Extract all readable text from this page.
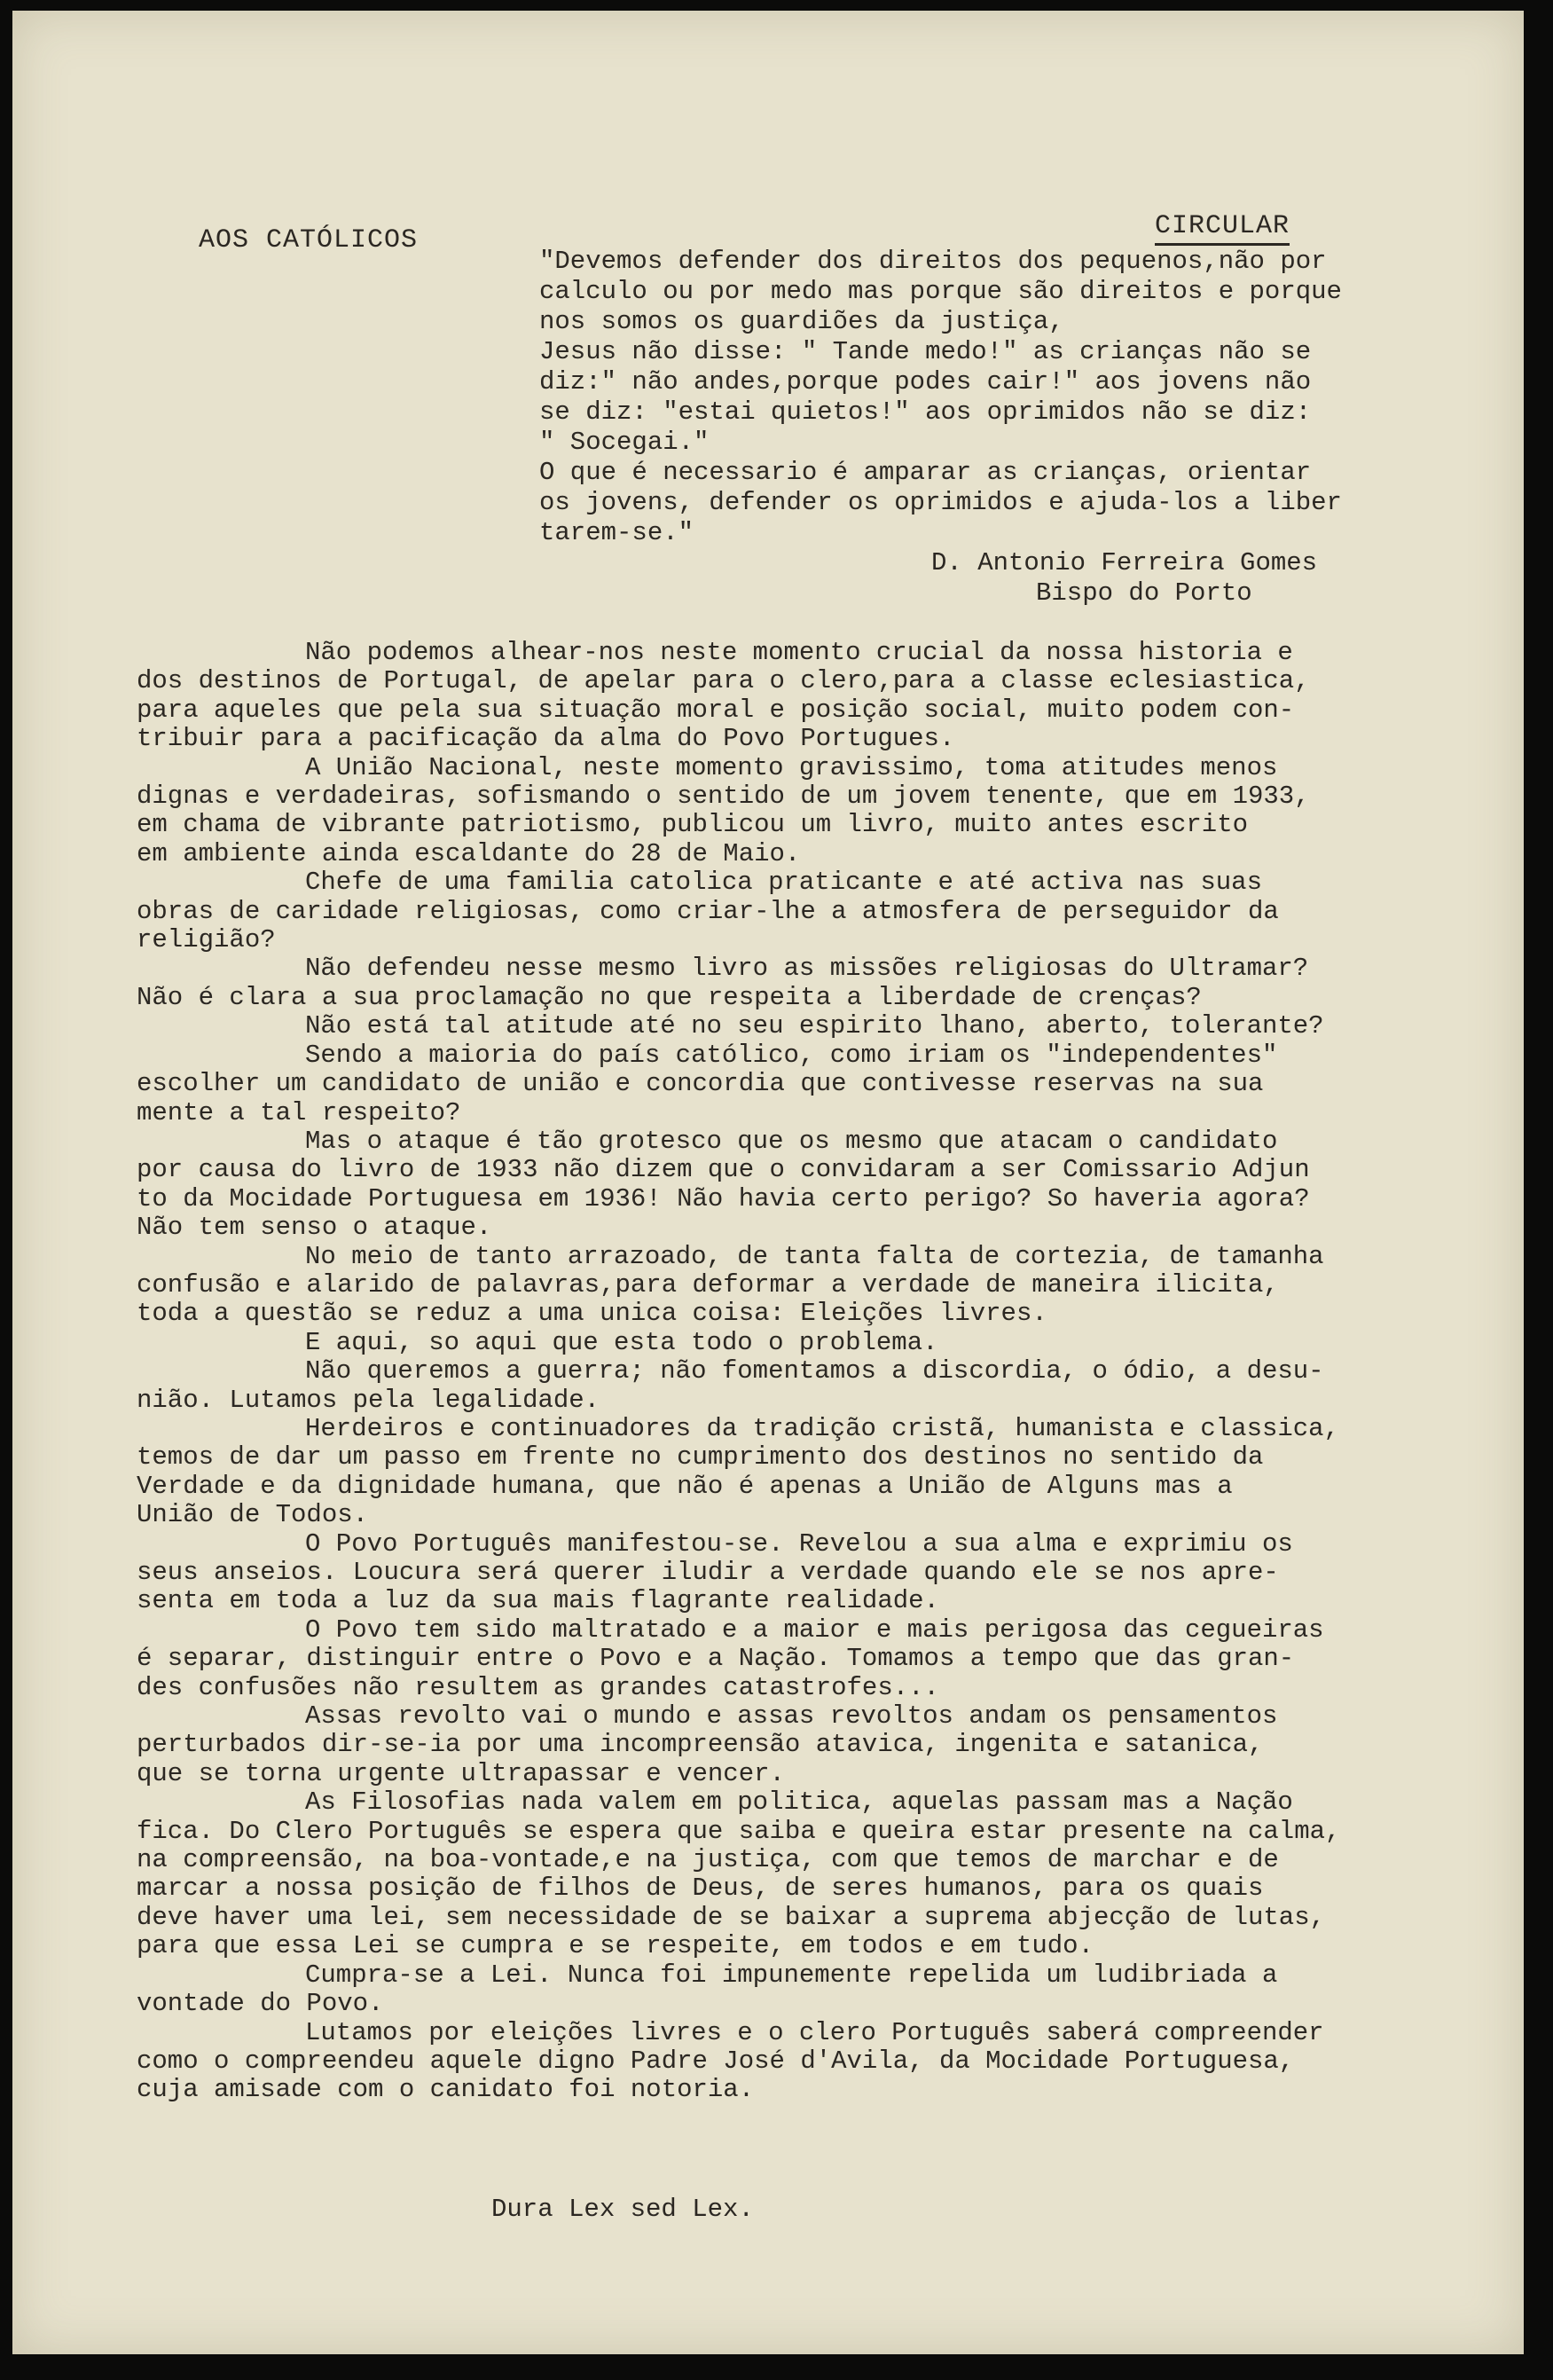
AOS CATÓLICOS	CIRCULAR

"Devemos defender dos direitos dos pequenos,não por

calculo ou por medo mas porque são direitos e porque

nos somos os guardiões da justiça,

Jesus não disse: " Tande medo!" as crianças não se

diz:" não andes,porque podes cair!" aos jovens não

se diz: "estai quietos!" aos oprimidos não se diz:

" Socegai."

O que é necessario é amparar as crianças, orientar

os jovens, defender os oprimidos e ajuda-los a liber

tarem-se."

D. Antonio Ferreira Gomes
Bispo do Porto

Não podemos alhear-nos neste momento crucial da nossa historia e

dos destinos de Portugal, de apelar para o clero,para a classe eclesiastica,

para aqueles que pela sua situação moral e posição social, muito podem con-

tribuir para a pacificação da alma do Povo Portugues.

A União Nacional, neste momento gravissimo, toma atitudes menos

dignas e verdadeiras, sofismando o sentido de um jovem tenente, que em 1933,

em chama de vibrante patriotismo, publicou um livro, muito antes escrito

em ambiente ainda escaldante do 28 de Maio.

Chefe de uma familia catolica praticante e até activa nas suas

obras de caridade religiosas, como criar-lhe a atmosfera de perseguidor da

religião?

Não defendeu nesse mesmo livro as missões religiosas do Ultramar?

Não é clara a sua proclamação no que respeita a liberdade de crenças?

Não está tal atitude até no seu espirito lhano, aberto, tolerante?

Sendo a maioria do país católico, como iriam os "independentes"

escolher um candidato de união e concordia que contivesse reservas na sua

mente a tal respeito?

Mas o ataque é tão grotesco que os mesmo que atacam o candidato

por causa do livro de 1933 não dizem que o convidaram a ser Comissario Adjun

to da Mocidade Portuguesa em 1936! Não havia certo perigo? So haveria agora?

Não tem senso o ataque.

No meio de tanto arrazoado, de tanta falta de cortezia, de tamanha

confusão e alarido de palavras,para deformar a verdade de maneira ilicita,

toda a questão se reduz a uma unica coisa: Eleições livres.

E aqui, so aqui que esta todo o problema.

Não queremos a guerra; não fomentamos a discordia, o ódio, a desu-

nião. Lutamos pela legalidade.

Herdeiros e continuadores da tradição cristã, humanista e classica,

temos de dar um passo em frente no cumprimento dos destinos no sentido da

Verdade e da dignidade humana, que não é apenas a União de Alguns mas a

União de Todos.

O Povo Português manifestou-se. Revelou a sua alma e exprimiu os

seus anseios. Loucura será querer iludir a verdade quando ele se nos apre-

senta em toda a luz da sua mais flagrante realidade.

O Povo tem sido maltratado e a maior e mais perigosa das cegueiras

é separar, distinguir entre o Povo e a Nação. Tomamos a tempo que das gran-

des confusões não resultem as grandes catastrofes...

Assas revolto vai o mundo e assas revoltos andam os pensamentos

perturbados dir-se-ia por uma incompreensão atavica, ingenita e satanica,

que se torna urgente ultrapassar e vencer.

As Filosofias nada valem em politica, aquelas passam mas a Nação

fica. Do Clero Português se espera que saiba e queira estar presente na calma,

na compreensão, na boa-vontade,e na justiça, com que temos de marchar e de

marcar a nossa posição de filhos de Deus, de seres humanos, para os quais

deve haver uma lei, sem necessidade de se baixar a suprema abjecção de lutas,

para que essa Lei se cumpra e se respeite, em todos e em tudo.

Cumpra-se a Lei. Nunca foi impunemente repelida um ludibriada a

vontade do Povo.

Lutamos por eleições livres e o clero Português saberá compreender

como o compreendeu aquele digno Padre José d'Avila, da Mocidade Portuguesa,

cuja amisade com o canidato foi notoria.

Dura Lex sed Lex.
